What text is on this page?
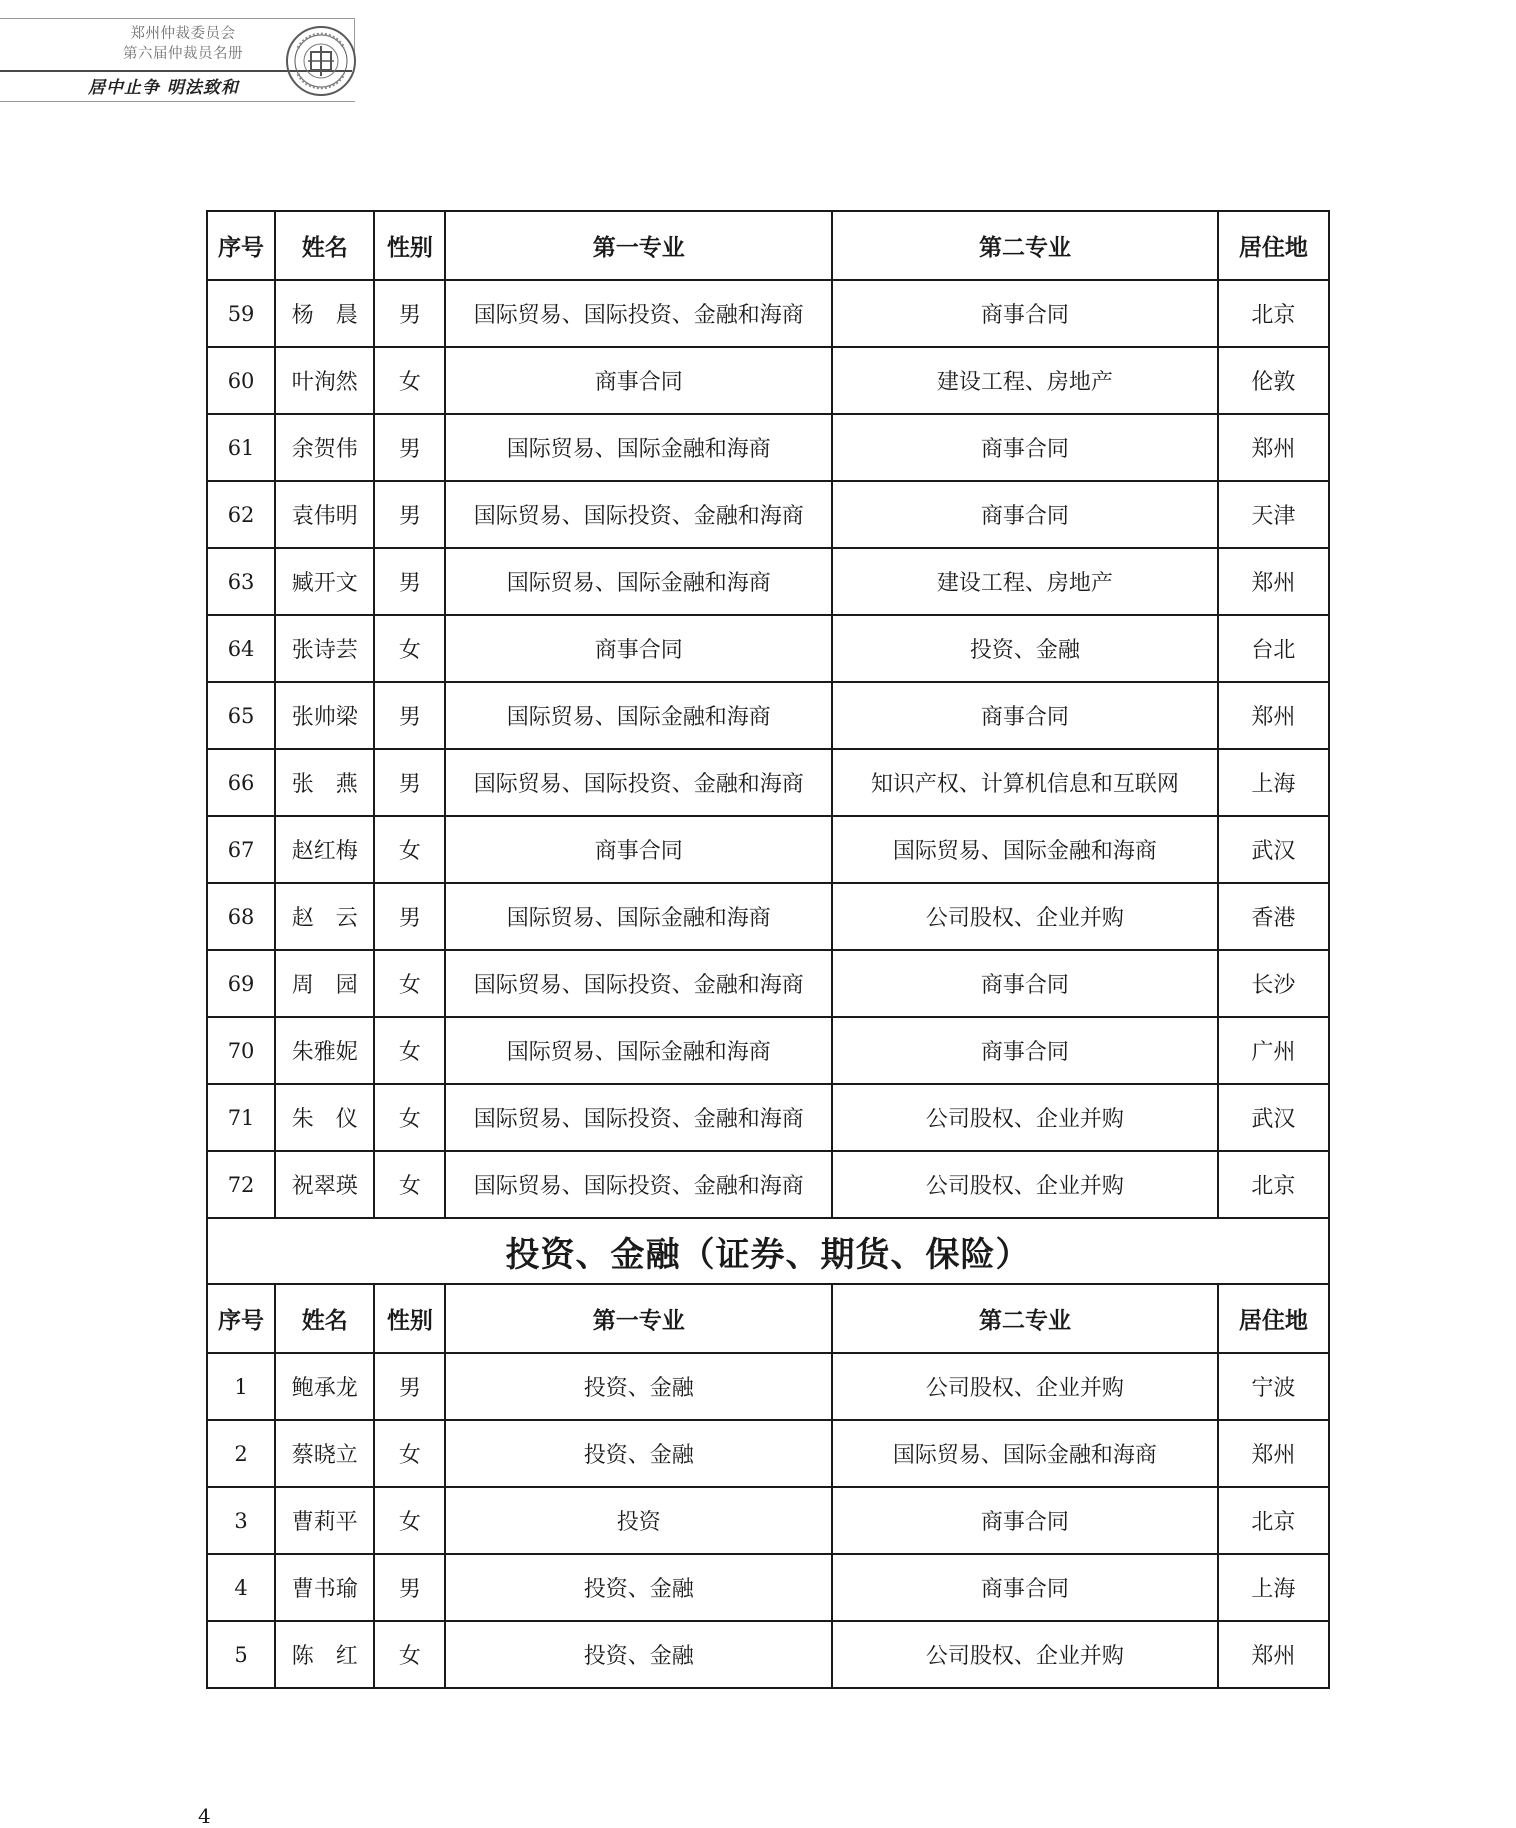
郑州仲裁委员会
第六届仲裁员名册
居中止争 明法致和
序号	姓名	性别	第一专业	第二专业	居住地
59	杨　晨	男	国际贸易、国际投资、金融和海商	商事合同	北京
60	叶洵然	女	商事合同	建设工程、房地产	伦敦
61	余贺伟	男	国际贸易、国际金融和海商	商事合同	郑州
62	袁伟明	男	国际贸易、国际投资、金融和海商	商事合同	天津
63	臧开文	男	国际贸易、国际金融和海商	建设工程、房地产	郑州
64	张诗芸	女	商事合同	投资、金融	台北
65	张帅梁	男	国际贸易、国际金融和海商	商事合同	郑州
66	张　燕	男	国际贸易、国际投资、金融和海商	知识产权、计算机信息和互联网	上海
67	赵红梅	女	商事合同	国际贸易、国际金融和海商	武汉
68	赵　云	男	国际贸易、国际金融和海商	公司股权、企业并购	香港
69	周　园	女	国际贸易、国际投资、金融和海商	商事合同	长沙
70	朱雅妮	女	国际贸易、国际金融和海商	商事合同	广州
71	朱　仪	女	国际贸易、国际投资、金融和海商	公司股权、企业并购	武汉
72	祝翠瑛	女	国际贸易、国际投资、金融和海商	公司股权、企业并购	北京
投资、金融（证券、期货、保险）					
序号	姓名	性别	第一专业	第二专业	居住地
1	鲍承龙	男	投资、金融	公司股权、企业并购	宁波
2	蔡晓立	女	投资、金融	国际贸易、国际金融和海商	郑州
3	曹莉平	女	投资	商事合同	北京
4	曹书瑜	男	投资、金融	商事合同	上海
5	陈　红	女	投资、金融	公司股权、企业并购	郑州
4
